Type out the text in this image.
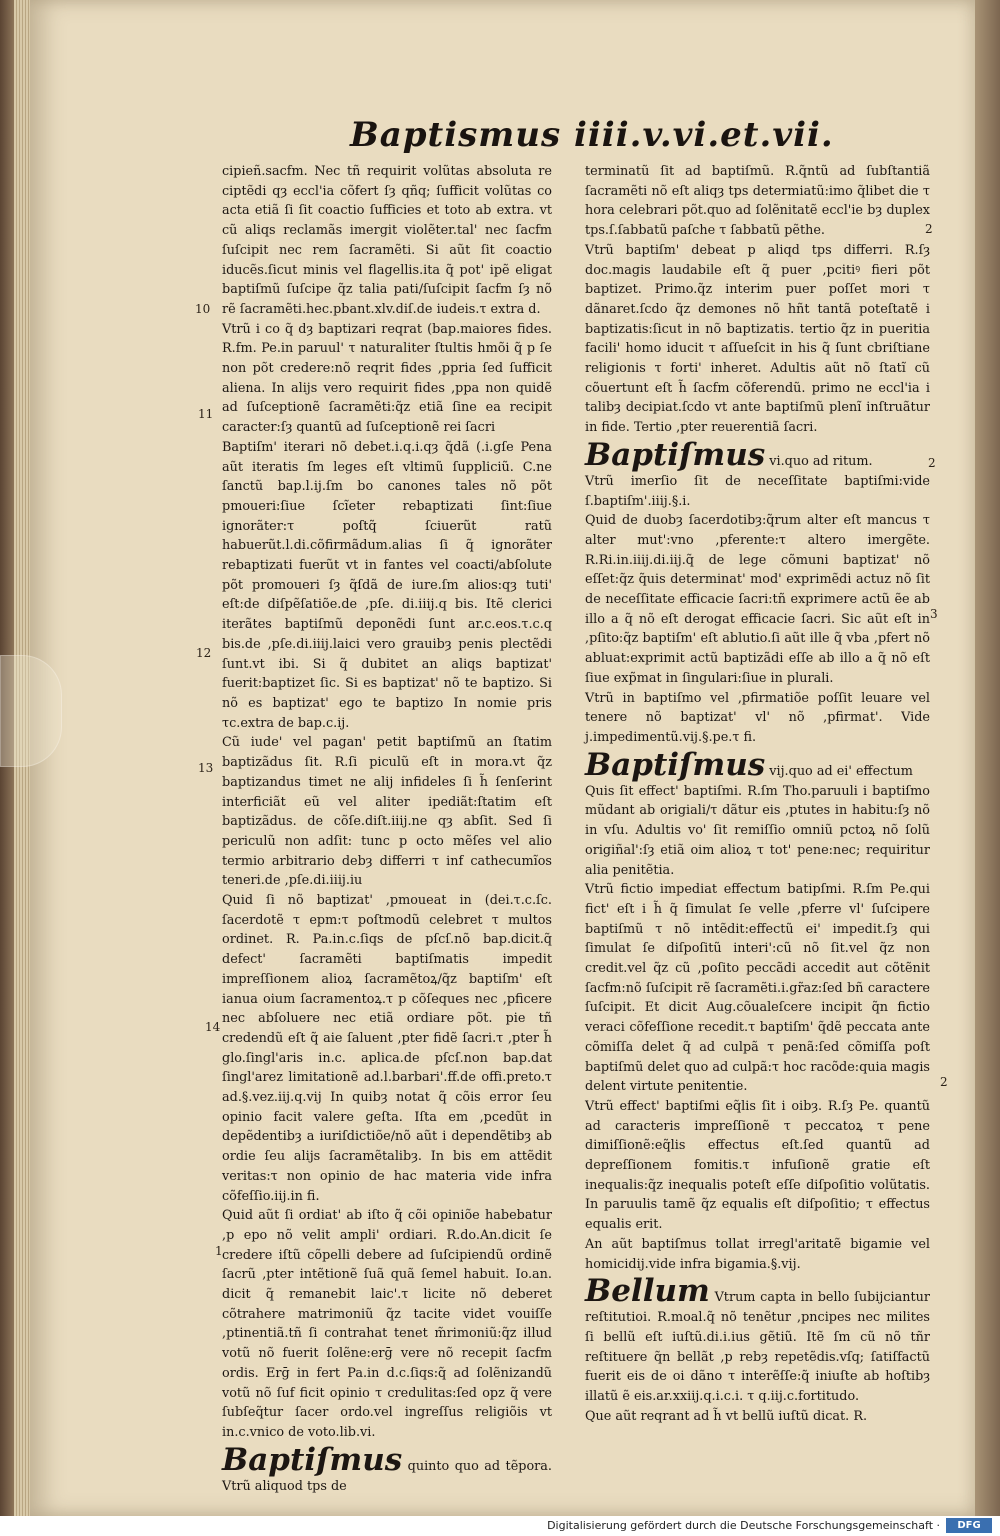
Baptismus iiii.v.vi.et.vii.

cipieñ.sacfm. Nec tñ requirit volũtas absoluta re ciptẽdi qȝ eccl'ia cõfert ſȝ qñq; ſufficit volũtas co acta etiã ſi ſit coactio ſufficies et toto ab extra. vt cũ aliqs reclamãs imergit violẽter.tal' nec ſacfm ſuſcipit nec rem ſacramẽti. Si aũt ſit coactio iducẽs.ſicut minis vel flagellis.ita q̃ pot' ipẽ eligat baptiſmũ ſuſcipe q̃z talia pati/ſuſcipit ſacfm ſȝ nõ rẽ ſacramẽti.hec.pbant.xlv.diſ.de iudeis.τ extra d.

Vtrũ i co q̃ dȝ baptizari reqrat (bap.maiores fides. R.fm. Pe.in paruul' τ naturaliter ſtultis hmõi q̃ p ſe non põt credere:nõ reqrit fides ,ppria ſed ſufficit aliena. In alijs vero requirit fides ,ppa non quidẽ ad ſuſceptionẽ ſacramẽti:q̃z etiã ſine ea recipit caracter:ſȝ quantũ ad ſuſceptionẽ rei ſacri

Baptiſm' iterari nõ debet.i.q.i.qȝ q̃dã (.i.gſe Pena aũt iteratis ſm leges eſt vltimũ ſuppliciũ. C.ne ſanctũ bap.l.ij.ſm bo canones tales nõ põt pmoueri:ſiue ſcĩeter rebaptizati ſint:ſiue ignorãter:τ poſtq̃ ſciuerũt ratũ habuerũt.l.di.cõfirmãdum.alias ſi q̃ ignorãter rebaptizati fuerũt vt in fantes vel coacti/abſolute põt promoueri ſȝ q̃ſdã de iure.ſm alios:qȝ tuti' eſt:de diſpẽſatiõe.de ,pſe. di.iiij.q bis. Itẽ clerici iterãtes baptiſmũ deponẽdi ſunt ar.c.eos.τ.c.q bis.de ,pſe.di.iiij.laici vero grauibȝ penis plectẽdi ſunt.vt ibi. Si q̃ dubitet an aliqs baptizat' fuerit:baptizet ſic. Si es baptizat' nõ te baptizo. Si nõ es baptizat' ego te baptizo In nomie pris τc.extra de bap.c.ij.

Cũ iude' vel pagan' petit baptiſmũ an ſtatim baptizãdus ſit. R.ſi piculũ eſt in mora.vt q̃z baptizandus timet ne alij infideles ſi h̃ ſenſerint interficiãt eũ vel aliter ipediãt:ſtatim eſt baptizãdus. de cõſe.diſt.iiij.ne qȝ abſit. Sed ſi periculũ non adſit: tunc p octo mẽſes vel alio termio arbitrario debȝ differri τ inf cathecumĩos teneri.de ,pſe.di.iiij.iu

Quid ſi nõ baptizat' ,pmoueat in (dei.τ.c.ſc. ſacerdotẽ τ epm:τ poſtmodũ celebret τ multos ordinet. R. Pa.in.c.ſiqs de pſcſ.nõ bap.dicit.q̃ defect' ſacramẽti baptiſmatis impedit impreſſionem alioꝝ ſacramẽtoꝝ/q̃z baptiſm' eſt ianua oium ſacramentoꝝ.τ p cõſeques nec ,pficere nec abſoluere nec etiã ordiare põt. pie tñ credendũ eſt q̃ aie ſaluent ,pter fidẽ ſacri.τ ,pter h̃ glo.ſingl'aris in.c. aplica.de pſcſ.non bap.dat ſingl'arez limitationẽ ad.l.barbari'.ff.de offi.preto.τ ad.§.vez.iij.q.vij In quibȝ notat q̃ cõis error ſeu opinio facit valere geſta. Iſta em ,pcedũt in depẽdentibȝ a iuriſdictiõe/nõ aũt i dependẽtibȝ ab ordie ſeu alijs ſacramẽtalibȝ. In bis em attẽdit veritas:τ non opinio de hac materia vide infra cõfeſſio.iij.in fi.

Quid aũt ſi ordiat' ab iſto q̃ cõi opiniõe habebatur ,p epo nõ velit ampli' ordiari. R.do.An.dicit ſe credere iſtũ cõpelli debere ad ſuſcipiendũ ordinẽ ſacrũ ,pter intẽtionẽ ſuã quã ſemel habuit. Io.an. dicit q̃ remanebit laic'.τ licite nõ deberet cõtrahere matrimoniũ q̃z tacite videt vouiſſe ,ptinentiã.tñ ſi contrahat tenet m̃rimoniũ:q̃z illud votũ nõ fuerit ſolẽne:erḡ vere nõ recepit ſacfm ordis. Erḡ in fert Pa.in d.c.ſiqs:q̃ ad ſolẽnizandũ votũ nõ ſuf ficit opinio τ credulitas:ſed opz q̃ vere ſubſeq̃tur ſacer ordo.vel ingreſſus religiõis vt in.c.vnico de voto.lib.vi.

Baptiſmus quinto quo ad tẽpora. Vtrũ aliquod tps de

terminatũ ſit ad baptiſmũ. R.q̃ntũ ad ſubſtantiã ſacramẽti nõ eſt aliqȝ tps determiatũ:imo q̃libet die τ hora celebrari põt.quo ad ſolẽnitatẽ eccl'ie bȝ duplex tps.ſ.ſabbatũ paſche τ ſabbatũ pẽthe.

Vtrũ baptiſm' debeat p aliqd tps differri. R.ſȝ doc.magis laudabile eſt q̃ puer ,pcitiꝰ fieri põt baptizet. Primo.q̃z interim puer poſſet mori τ dãnaret.ſcdo q̃z demones nõ hñt tantã poteſtatẽ i baptizatis:ſicut in nõ baptizatis. tertio q̃z in pueritia facili' homo iducit τ aſſueſcit in his q̃ ſunt cbriſtiane religionis τ forti' inheret. Adultis aũt nõ ſtatĩ cũ cõuertunt eſt h̃ ſacfm cõferendũ. primo ne eccl'ia i talibȝ decipiat.ſcdo vt ante baptiſmũ plenĩ inſtruãtur in fide. Tertio ,pter reuerentiã ſacri.

Baptiſmus vi.quo ad ritum.

Vtrũ imerſio ſit de neceſſitate baptiſmi:vide ſ.baptiſm'.iiij.§.i.

Quid de duobȝ ſacerdotibȝ:q̃rum alter eſt mancus τ alter mut':vno ,pferente:τ altero imergẽte. R.Ri.in.iiij.di.iij.q̃ de lege cõmuni baptizat' nõ eſſet:q̃z q̃uis determinat' mod' exprimẽdi actuz nõ ſit de neceſſitate efficacie ſacri:tñ exprimere actũ ẽe ab illo a q̃ nõ eſt derogat efficacie ſacri. Sic aũt eſt in ,pſito:q̃z baptiſm' eſt ablutio.ſi aũt ille q̃ vba ,pfert nõ abluat:exprimit actũ baptizãdi eſſe ab illo a q̃ nõ eſt ſiue exp̃mat in ſingulari:ſiue in plurali.

Vtrũ in baptiſmo vel ,pfirmatiõe poſſit leuare vel tenere nõ baptizat' vl' nõ ,pfirmat'. Vide j.impedimentũ.vij.§.pe.τ fi.

Baptiſmus vij.quo ad ei' effectum

Quis ſit effect' baptiſmi. R.ſm Tho.paruuli i baptiſmo mũdant ab origiali/τ dãtur eis ,ptutes in habitu:ſȝ nõ in vſu. Adultis vo' ſit remiſſio omniũ pctoꝝ nõ ſolũ origiñal':ſȝ etiã oim alioꝝ τ tot' pene:nec; requiritur alia penitẽtia.

Vtrũ fictio impediat effectum batipſmi. R.ſm Pe.qui fict' eſt i h̃ q̃ ſimulat ſe velle ,pferre vl' ſuſcipere baptiſmũ τ nõ intẽdit:effectũ ei' impedit.ſȝ qui ſimulat ſe diſpoſitũ interi':cũ nõ ſit.vel q̃z non credit.vel q̃z cũ ,poſito peccãdi accedit aut cõtẽnit ſacfm:nõ ſuſcipit rẽ ſacramẽti.i.gr̃az:ſed bñ caractere ſuſcipit. Et dicit Aug.cõualeſcere incipit q̃n fictio veraci cõfeſſione recedit.τ baptiſm' q̃dẽ peccata ante cõmiſſa delet q̃ ad culpã τ penã:ſed cõmiſſa poſt baptiſmũ delet quo ad culpã:τ hoc racõde:quia magis delent virtute penitentie.

Vtrũ effect' baptiſmi eq̃lis ſit i oibȝ. R.ſȝ Pe. quantũ ad caracteris impreſſionẽ τ peccatoꝝ τ pene dimiſſionẽ:eq̃lis effectus eſt.ſed quantũ ad depreſſionem fomitis.τ infuſionẽ gratie eſt inequalis:q̃z inequalis poteſt eſſe diſpoſitio volũtatis. In paruulis tamẽ q̃z equalis eſt diſpoſitio; τ effectus equalis erit.

An aũt baptiſmus tollat irregl'aritatẽ bigamie vel homicidij.vide infra bigamia.§.vij.

Bellum Vtrum capta in bello ſubijciantur reſtitutioi. R.moal.q̃ nõ tenẽtur ,pncipes nec milites ſi bellũ eſt iuſtũ.di.i.ius gẽtiũ. Itẽ ſm cũ nõ tñr reſtituere q̃n bellãt ,p rebȝ repetẽdis.vſq; ſatiſfactũ fuerit eis de oi dãno τ interẽſſe:q̃ iniuſte ab hoſtibȝ illatũ ẽ eis.ar.xxiij.q.i.c.i. τ q.iij.c.fortitudo.

Que aũt reqrant ad h̃ vt bellũ iuſtũ dicat. R.

10
11
12
13
14
1
2
2
3
2
Digitalisierung gefördert durch die Deutsche Forschungsgemeinschaft ·	DFG
